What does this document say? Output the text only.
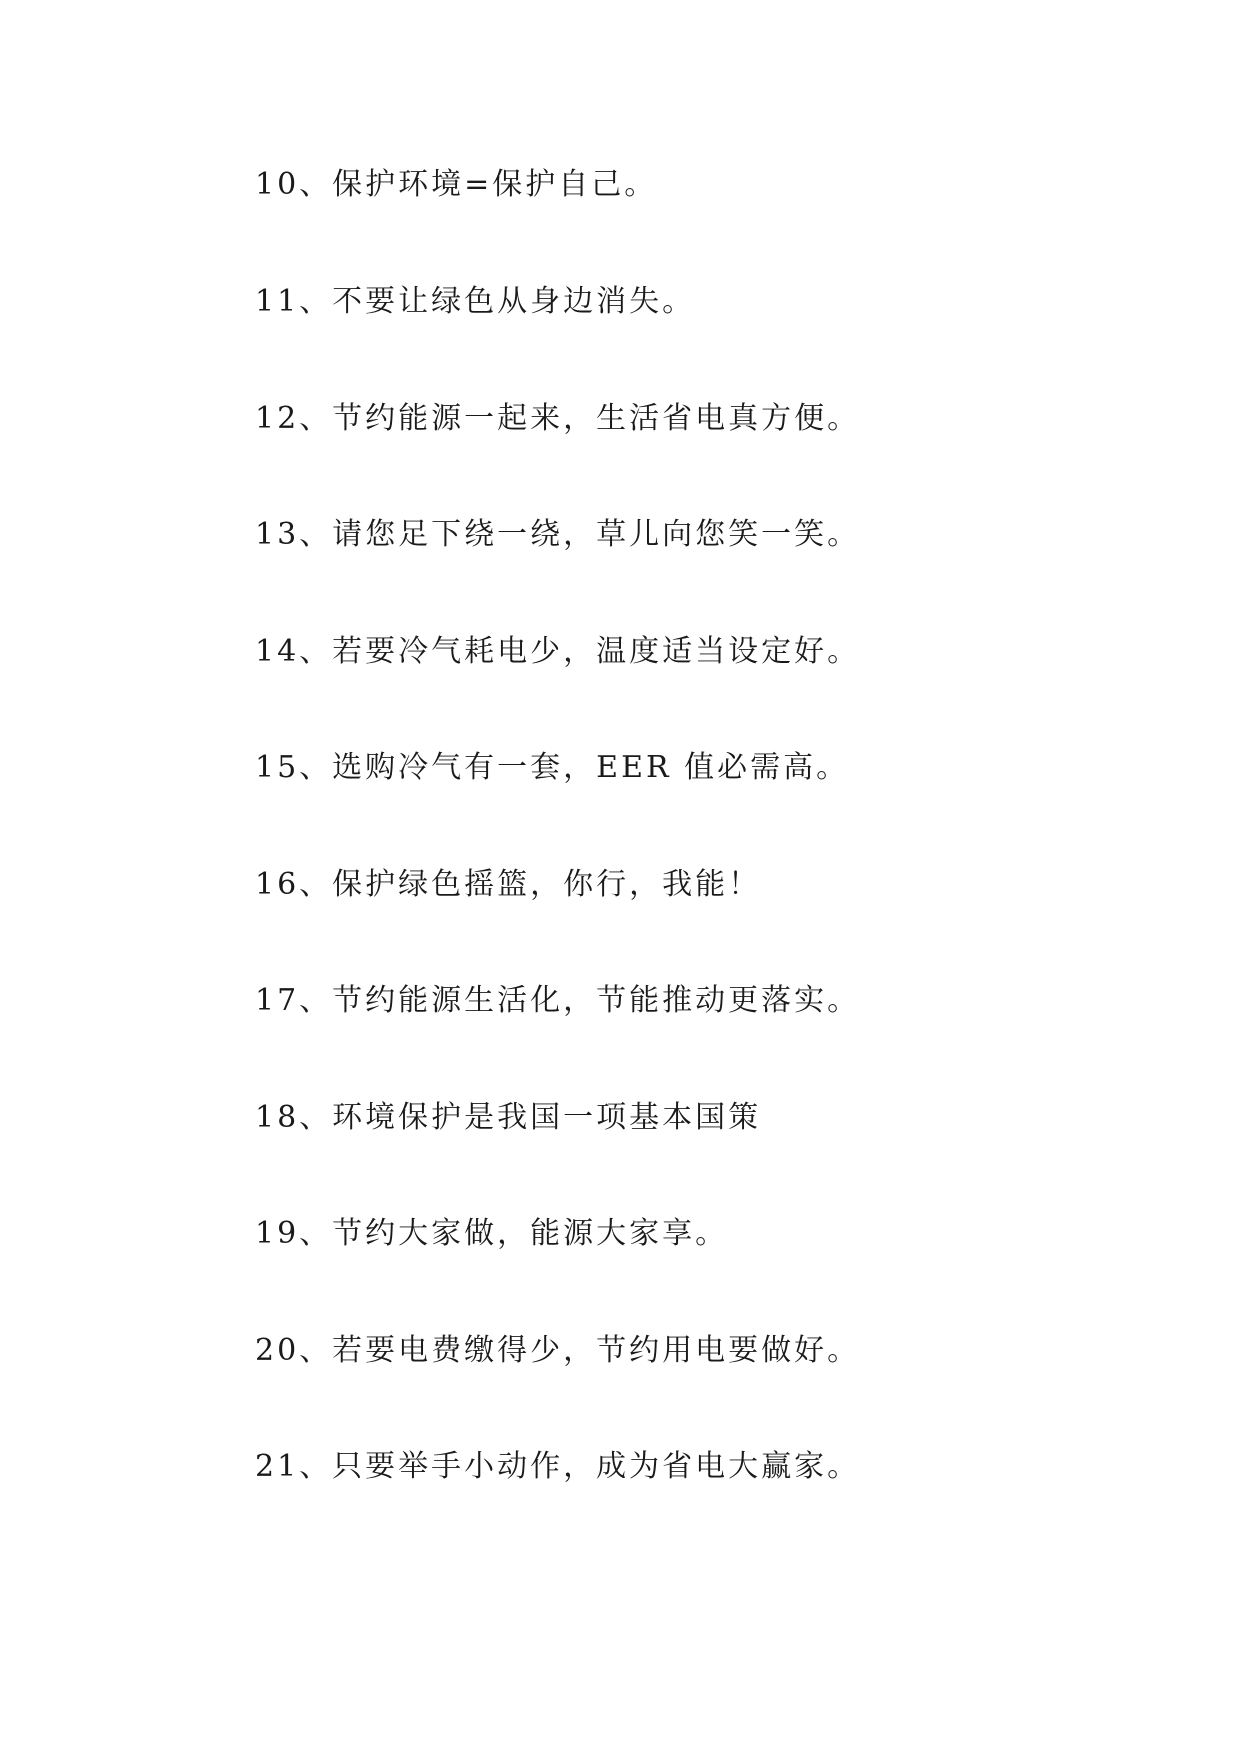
10、保护环境=保护自己。
11、不要让绿色从身边消失。
12、节约能源一起来，生活省电真方便。
13、请您足下绕一绕，草儿向您笑一笑。
14、若要冷气耗电少，温度适当设定好。
15、选购冷气有一套，EER 值必需高。
16、保护绿色摇篮，你行，我能！
17、节约能源生活化，节能推动更落实。
18、环境保护是我国一项基本国策
19、节约大家做，能源大家享。
20、若要电费缴得少，节约用电要做好。
21、只要举手小动作，成为省电大赢家。
